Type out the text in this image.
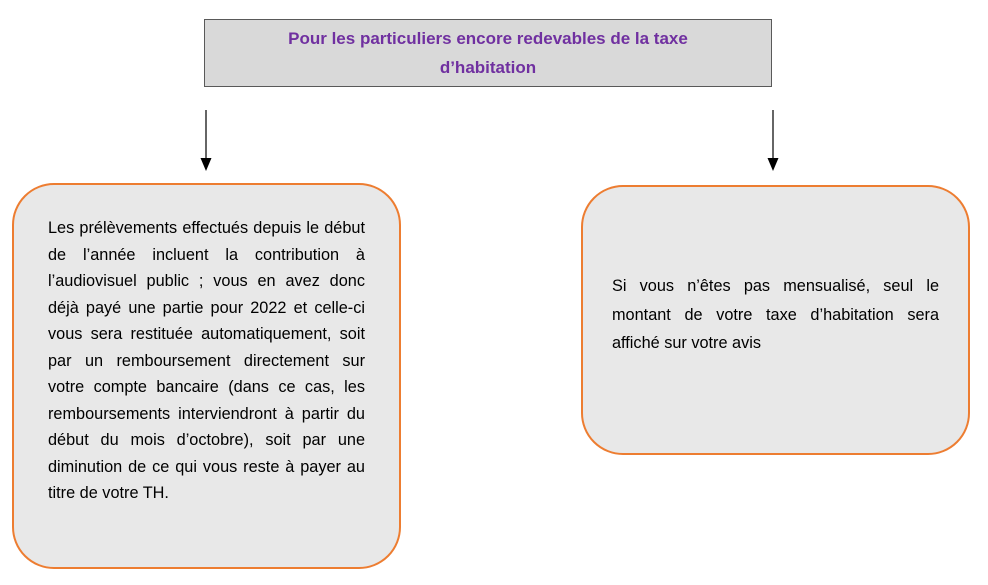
Pour les particuliers encore redevables de la taxe d’habitation
Les prélèvements effectués depuis le début de l’année incluent la contribution à l’audiovisuel public ; vous en avez donc déjà payé une partie pour 2022 et celle-ci vous sera restituée automatiquement, soit par un remboursement directement sur votre compte bancaire (dans ce cas, les remboursements interviendront à partir du début du mois d’octobre), soit par une diminution de ce qui vous reste à payer au titre de votre TH.
Si vous n’êtes pas mensualisé, seul le montant de votre taxe d’habitation sera affiché sur votre avis
